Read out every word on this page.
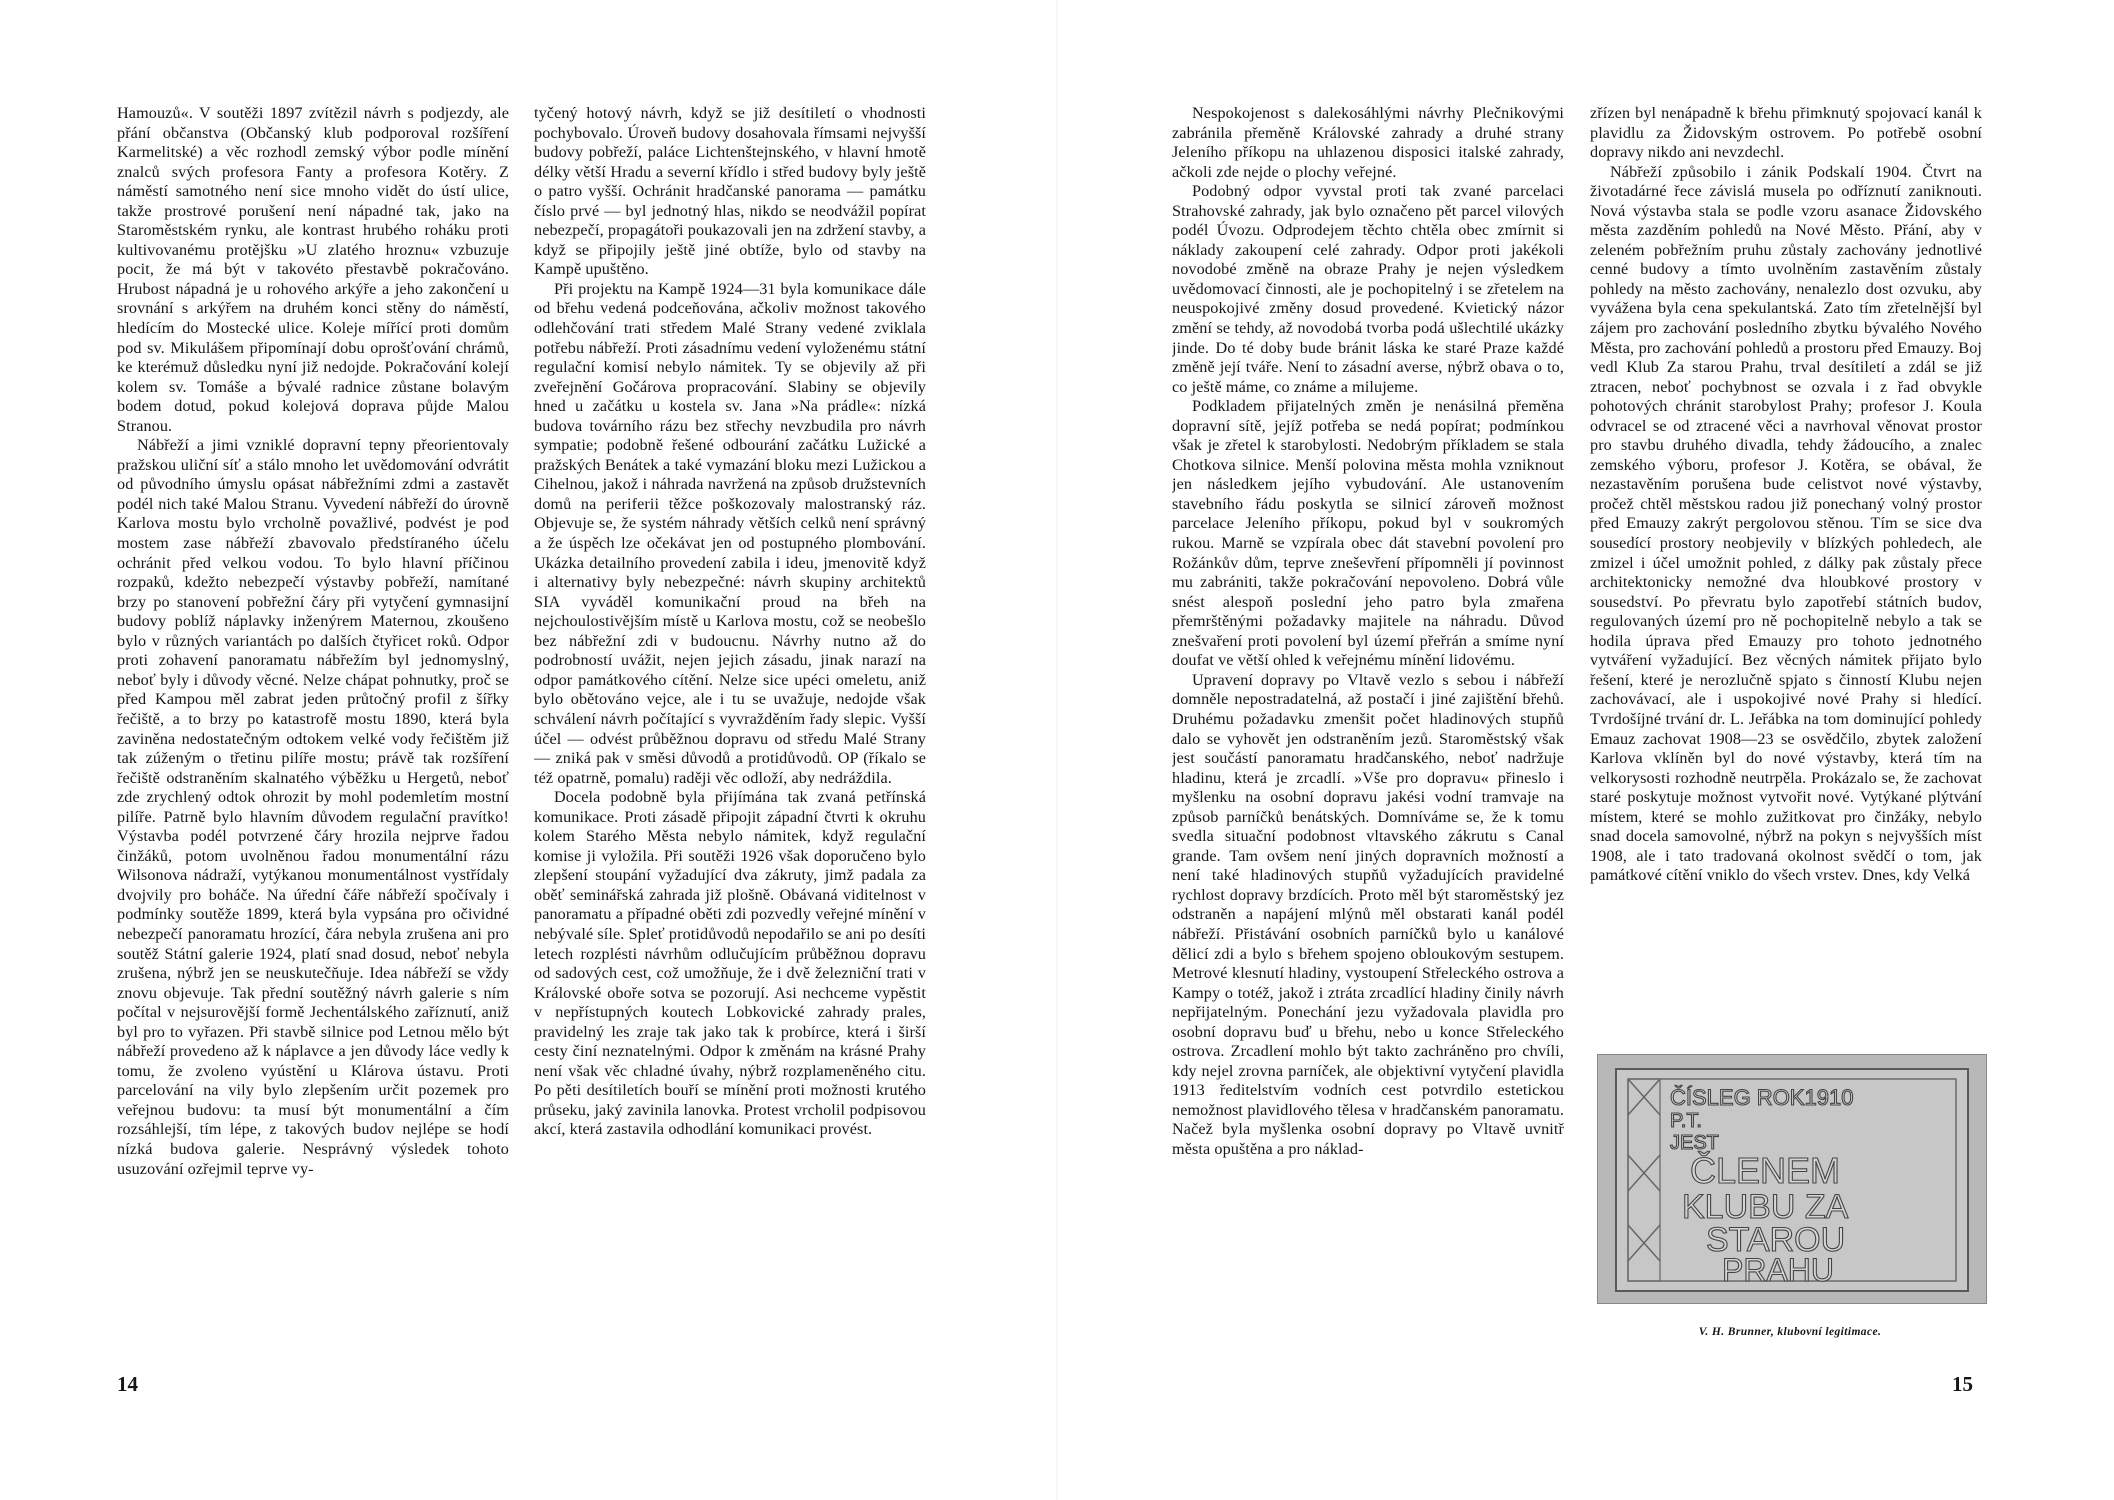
Hamouzů«. V soutěži 1897 zvítězil návrh s podjezdy, ale přání občanstva (Občanský klub podporoval rozšíření Karmelitské) a věc rozhodl zemský výbor podle mínění znalců svých profesora Fanty a profesora Kotěry. Z náměstí samotného není sice mnoho vidět do ústí ulice, takže prostrové porušení není nápadné tak, jako na Staroměstském rynku, ale kontrast hrubého roháku proti kultivovanému protějšku »U zlatého hroznu« vzbuzuje pocit, že má být v takovéto přestavbě pokračováno. Hrubost nápadná je u rohového arkýře a jeho zakončení u srovnání s arkýřem na druhém konci stěny do náměstí, hledícím do Mostecké ulice. Koleje mířící proti domům pod sv. Mikulášem připomínají dobu oprošťování chrámů, ke kterémuž důsledku nyní již nedojde. Pokračování kolejí kolem sv. Tomáše a bývalé radnice zůstane bolavým bodem dotud, pokud kolejová doprava půjde Malou Stranou.

Nábřeží a jimi vzniklé dopravní tepny přeorientovaly pražskou uliční síť a stálo mnoho let uvědomování odvrátit od původního úmyslu opásat nábřežními zdmi a zastavět podél nich také Malou Stranu. Vyvedení nábřeží do úrovně Karlova mostu bylo vrcholně považlivé, podvést je pod mostem zase nábřeží zbavovalo předstíraného účelu ochránit před velkou vodou. To bylo hlavní příčinou rozpaků, kdežto nebezpečí výstavby pobřeží, namítané brzy po stanovení pobřežní čáry při vytyčení gymnasijní budovy poblíž náplavky inženýrem Maternou, zkoušeno bylo v různých variantách po dalších čtyřicet roků. Odpor proti zohavení panoramatu nábřežím byl jednomyslný, neboť byly i důvody věcné. Nelze chápat pohnutky, proč se před Kampou měl zabrat jeden průtočný profil z šířky řečiště, a to brzy po katastrofě mostu 1890, která byla zaviněna nedostatečným odtokem velké vody řečištěm již tak zúženým o třetinu pilíře mostu; právě tak rozšíření řečiště odstraněním skalnatého výběžku u Hergetů, neboť zde zrychlený odtok ohrozit by mohl podemletím mostní pilíře. Patrně bylo hlavním důvodem regulační pravítko! Výstavba podél potvrzené čáry hrozila nejprve řadou činžáků, potom uvolněnou řadou monumentální rázu Wilsonova nádraží, vytýkanou monumentálnost vystřídaly dvojvily pro boháče. Na úřední čáře nábřeží spočívaly i podmínky soutěže 1899, která byla vypsána pro očividné nebezpečí panoramatu hrozící, čára nebyla zrušena ani pro soutěž Státní galerie 1924, platí snad dosud, neboť nebyla zrušena, nýbrž jen se neuskutečňuje. Idea nábřeží se vždy znovu objevuje. Tak přední soutěžný návrh galerie s ním počítal v nejsurovější formě Jechentálského zaříznutí, aniž byl pro to vyřazen. Při stavbě silnice pod Letnou mělo být nábřeží provedeno až k náplavce a jen důvody láce vedly k tomu, že zvoleno vyústění u Klárova ústavu. Proti parcelování na vily bylo zlepšením určit pozemek pro veřejnou budovu: ta musí být monumentální a čím rozsáhlejší, tím lépe, z takových budov nejlépe se hodí nízká budova galerie. Nesprávný výsledek tohoto usuzování ozřejmil teprve vy-

tyčený hotový návrh, když se již desítiletí o vhodnosti pochybovalo. Úroveň budovy dosahovala římsami nejvyšší budovy pobřeží, paláce Lichtenštejnského, v hlavní hmotě délky větší Hradu a severní křídlo i střed budovy byly ještě o patro vyšší. Ochránit hradčanské panorama — památku číslo prvé — byl jednotný hlas, nikdo se neodvážil popírat nebezpečí, propagátoři poukazovali jen na zdržení stavby, a když se připojily ještě jiné obtíže, bylo od stavby na Kampě upuštěno.

Při projektu na Kampě 1924—31 byla komunikace dále od břehu vedená podceňována, ačkoliv možnost takového odlehčování trati středem Malé Strany vedené zviklala potřebu nábřeží. Proti zásadnímu vedení vyloženému státní regulační komisí nebylo námitek. Ty se objevily až při zveřejnění Gočárova propracování. Slabiny se objevily hned u začátku u kostela sv. Jana »Na prádle«: nízká budova továrního rázu bez střechy nevzbudila pro návrh sympatie; podobně řešené odbourání začátku Lužické a pražských Benátek a také vymazání bloku mezi Lužickou a Cihelnou, jakož i náhrada navržená na způsob družstevních domů na periferii těžce poškozovaly malostranský ráz. Objevuje se, že systém náhrady větších celků není správný a že úspěch lze očekávat jen od postupného plombování. Ukázka detailního provedení zabila i ideu, jmenovitě když i alternativy byly nebezpečné: návrh skupiny architektů SIA vyváděl komunikační proud na břeh na nejchoulostivějším místě u Karlova mostu, což se neobešlo bez nábřežní zdi v budoucnu. Návrhy nutno až do podrobností uvážit, nejen jejich zásadu, jinak narazí na odpor památkového cítění. Nelze sice upéci omeletu, aniž bylo obětováno vejce, ale i tu se uvažuje, nedojde však schválení návrh počítající s vyvražděním řady slepic. Vyšší účel — odvést průběžnou dopravu od středu Malé Strany — zniká pak v směsi důvodů a protidůvodů. OP (říkalo se též opatrně, pomalu) raději věc odloží, aby nedráždila.

Docela podobně byla přijímána tak zvaná petřínská komunikace. Proti zásadě připojit západní čtvrti k okruhu kolem Starého Města nebylo námitek, když regulační komise ji vyložila. Při soutěži 1926 však doporučeno bylo zlepšení stoupání vyžadující dva zákruty, jimž padala za oběť seminářská zahrada již plošně. Obávaná viditelnost v panoramatu a případné oběti zdi pozvedly veřejné mínění v nebývalé síle. Spleť protidůvodů nepodařilo se ani po desíti letech rozplésti návrhům odlučujícím průběžnou dopravu od sadových cest, což umožňuje, že i dvě železniční trati v Královské oboře sotva se pozorují. Asi nechceme vypěstit v nepřístupných koutech Lobkovické zahrady prales, pravidelný les zraje tak jako tak k probírce, která i širší cesty činí neznatelnými. Odpor k změnám na krásné Prahy není však věc chladné úvahy, nýbrž rozplameněného citu. Po pěti desítiletích bouří se mínění proti možnosti krutého průseku, jaký zavinila lanovka. Protest vrcholil podpisovou akcí, která zastavila odhodlání komunikaci provést.

14

Nespokojenost s dalekosáhlými návrhy Plečnikovými zabránila přeměně Královské zahrady a druhé strany Jeleního příkopu na uhlazenou disposici italské zahrady, ačkoli zde nejde o plochy veřejné.

Podobný odpor vyvstal proti tak zvané parcelaci Strahovské zahrady, jak bylo označeno pět parcel vilových podél Úvozu. Odprodejem těchto chtěla obec zmírnit si náklady zakoupení celé zahrady. Odpor proti jakékoli novodobé změně na obraze Prahy je nejen výsledkem uvědomovací činnosti, ale je pochopitelný i se zřetelem na neuspokojivé změny dosud provedené. Kvietický názor změní se tehdy, až novodobá tvorba podá ušlechtilé ukázky jinde. Do té doby bude bránit láska ke staré Praze každé změně její tváře. Není to zásadní averse, nýbrž obava o to, co ještě máme, co známe a milujeme.

Podkladem přijatelných změn je nenásilná přeměna dopravní sítě, jejíž potřeba se nedá popírat; podmínkou však je zřetel k starobylosti. Nedobrým příkladem se stala Chotkova silnice. Menší polovina města mohla vzniknout jen následkem jejího vybudování. Ale ustanovením stavebního řádu poskytla se silnicí zároveň možnost parcelace Jeleního příkopu, pokud byl v soukromých rukou. Marně se vzpírala obec dát stavební povolení pro Rožánkův dům, teprve zneševření přípomněli jí povinnost mu zabrániti, takže pokračování nepovoleno. Dobrá vůle snést alespoň poslední jeho patro byla zmařena přemrštěnými požadavky majitele na náhradu. Důvod znešvaření proti povolení byl území přeřrán a smíme nyní doufat ve větší ohled k veřejnému mínění lidovému.

Upravení dopravy po Vltavě vezlo s sebou i nábřeží domněle nepostradatelná, až postačí i jiné zajištění břehů. Druhému požadavku zmenšit počet hladinových stupňů dalo se vyhovět jen odstraněním jezů. Staroměstský však jest součástí panoramatu hradčanského, neboť nadržuje hladinu, která je zrcadlí. »Vše pro dopravu« přineslo i myšlenku na osobní dopravu jakési vodní tramvaje na způsob parníčků benátských. Domníváme se, že k tomu svedla situační podobnost vltavského zákrutu s Canal grande. Tam ovšem není jiných dopravních možností a není také hladinových stupňů vyžadujících pravidelné rychlost dopravy brzdících. Proto měl být staroměstský jez odstraněn a napájení mlýnů měl obstarati kanál podél nábřeží. Přistávání osobních parníčků bylo u kanálové dělicí zdi a bylo s břehem spojeno obloukovým sestupem. Metrové klesnutí hladiny, vystoupení Střeleckého ostrova a Kampy o totéž, jakož i ztráta zrcadlící hladiny činily návrh nepřijatelným. Ponechání jezu vyžadovala plavidla pro osobní dopravu buď u břehu, nebo u konce Střeleckého ostrova. Zrcadlení mohlo být takto zachráněno pro chvíli, kdy nejel zrovna parníček, ale objektivní vytyčení plavidla 1913 ředitelstvím vodních cest potvrdilo estetickou nemožnost plavidlového tělesa v hradčanském panoramatu. Načež byla myšlenka osobní dopravy po Vltavě uvnitř města opuštěna a pro náklad-

zřízen byl nenápadně k břehu přimknutý spojovací kanál k plavidlu za Židovským ostrovem. Po potřebě osobní dopravy nikdo ani nevzdechl.

Nábřeží způsobilo i zánik Podskalí 1904. Čtvrt na životadárné řece závislá musela po odříznutí zaniknouti. Nová výstavba stala se podle vzoru asanace Židovského města zazděním pohledů na Nové Město. Přání, aby v zeleném pobřežním pruhu zůstaly zachovány jednotlivé cenné budovy a tímto uvolněním zastavěním zůstaly pohledy na město zachovány, nenalezlo dost ozvuku, aby vyvážena byla cena spekulantská. Zato tím zřetelnější byl zájem pro zachování posledního zbytku bývalého Nového Města, pro zachování pohledů a prostoru před Emauzy. Boj vedl Klub Za starou Prahu, trval desítiletí a zdál se již ztracen, neboť pochybnost se ozvala i z řad obvykle pohotových chránit starobylost Prahy; profesor J. Koula odvracel se od ztracené věci a navrhoval věnovat prostor pro stavbu druhého divadla, tehdy žádoucího, a znalec zemského výboru, profesor J. Kotěra, se obával, že nezastavěním porušena bude celistvot nové výstavby, pročež chtěl městskou radou již ponechaný volný prostor před Emauzy zakrýt pergolovou stěnou. Tím se sice dva sousedící prostory neobjevily v blízkých pohledech, ale zmizel i účel umožnit pohled, z dálky pak zůstaly přece architektonicky nemožné dva hloubkové prostory v sousedství. Po převratu bylo zapotřebí státních budov, regulovaných území pro ně pochopitelně nebylo a tak se hodila úprava před Emauzy pro tohoto jednotného vytváření vyžadující. Bez věcných námitek přijato bylo řešení, které je nerozlučně spjato s činností Klubu nejen zachovávací, ale i uspokojivé nové Prahy si hledící. Tvrdošíjné trvání dr. L. Jeřábka na tom dominující pohledy Emauz zachovat 1908—23 se osvědčilo, zbytek založení Karlova vklíněn byl do nové výstavby, která tím na velkorysosti rozhodně neutrpěla. Prokázalo se, že zachovat staré poskytuje možnost vytvořit nové. Vytýkané plýtvání místem, které se mohlo zužitkovat pro činžáky, nebylo snad docela samovolné, nýbrž na pokyn s nejvyšších míst 1908, ale i tato tradovaná okolnost svědčí o tom, jak památkové cítění vniklo do všech vrstev. Dnes, kdy Velká

ČÍSLEG ROK1910
P.T.
JEST
ČLENEM
KLUBU ZA
STAROU
PRAHU
V. H. Brunner, klubovní legitimace.
15
